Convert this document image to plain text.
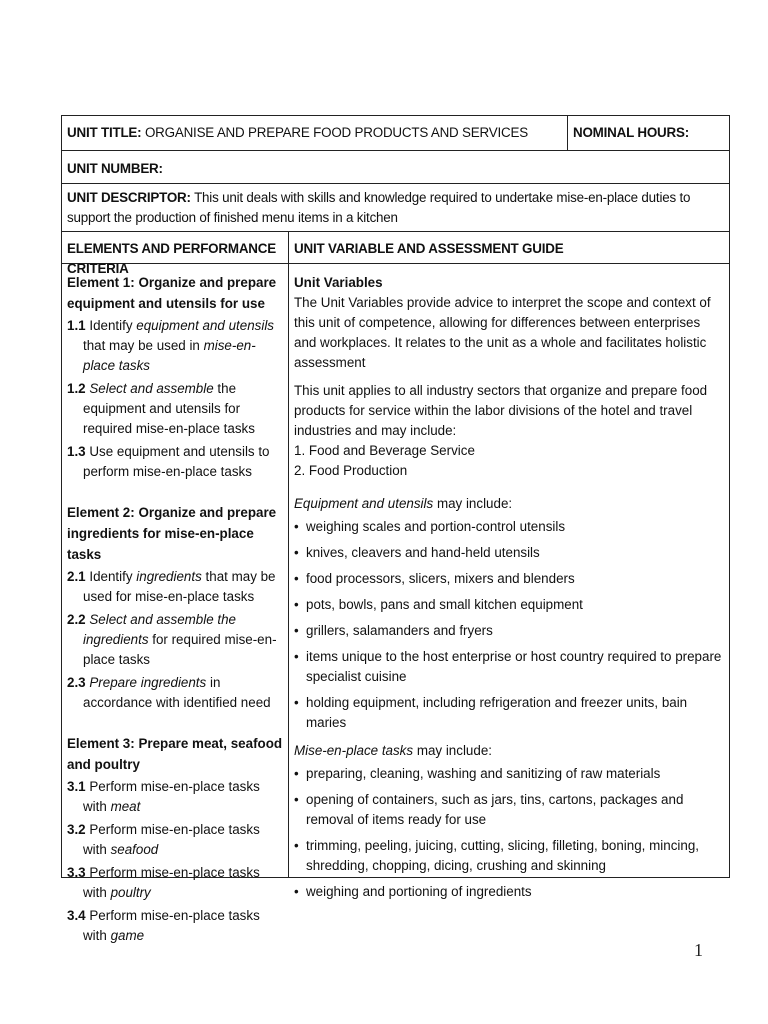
UNIT TITLE: ORGANISE AND PREPARE FOOD PRODUCTS AND SERVICES	NOMINAL HOURS:
UNIT NUMBER:
UNIT DESCRIPTOR: This unit deals with skills and knowledge required to undertake mise-en-place duties to support the production of finished menu items in a kitchen
ELEMENTS AND PERFORMANCE CRITERIA
UNIT VARIABLE AND ASSESSMENT GUIDE

Element 1: Organize and prepare equipment and utensils for use

1.1 Identify equipment and utensils that may be used in mise-en-place tasks

1.2 Select and assemble the equipment and utensils for required mise-en-place tasks

1.3 Use equipment and utensils to perform mise-en-place tasks

Element 2: Organize and prepare ingredients for mise-en-place tasks

2.1 Identify ingredients that may be used for mise-en-place tasks

2.2 Select and assemble the ingredients for required mise-en-place tasks

2.3 Prepare ingredients in accordance with identified need

Element 3: Prepare meat, seafood and poultry

3.1 Perform mise-en-place tasks with meat

3.2 Perform mise-en-place tasks with seafood

3.3 Perform mise-en-place tasks with poultry

3.4 Perform mise-en-place tasks with game

Unit Variables

The Unit Variables provide advice to interpret the scope and context of this unit of competence, allowing for differences between enterprises and workplaces. It relates to the unit as a whole and facilitates holistic assessment

This unit applies to all industry sectors that organize and prepare food products for service within the labor divisions of the hotel and travel industries and may include:

1. Food and Beverage Service

2. Food Production

Equipment and utensils may include:

• weighing scales and portion-control utensils
• knives, cleavers and hand-held utensils
• food processors, slicers, mixers and blenders
• pots, bowls, pans and small kitchen equipment
• grillers, salamanders and fryers
• items unique to the host enterprise or host country required to prepare specialist cuisine
• holding equipment, including refrigeration and freezer units, bain maries

Mise-en-place tasks may include:

• preparing, cleaning, washing and sanitizing of raw materials
• opening of containers, such as jars, tins, cartons, packages and removal of items ready for use
• trimming, peeling, juicing, cutting, slicing, filleting, boning, mincing, shredding, chopping, dicing, crushing and skinning
• weighing and portioning of ingredients
1
